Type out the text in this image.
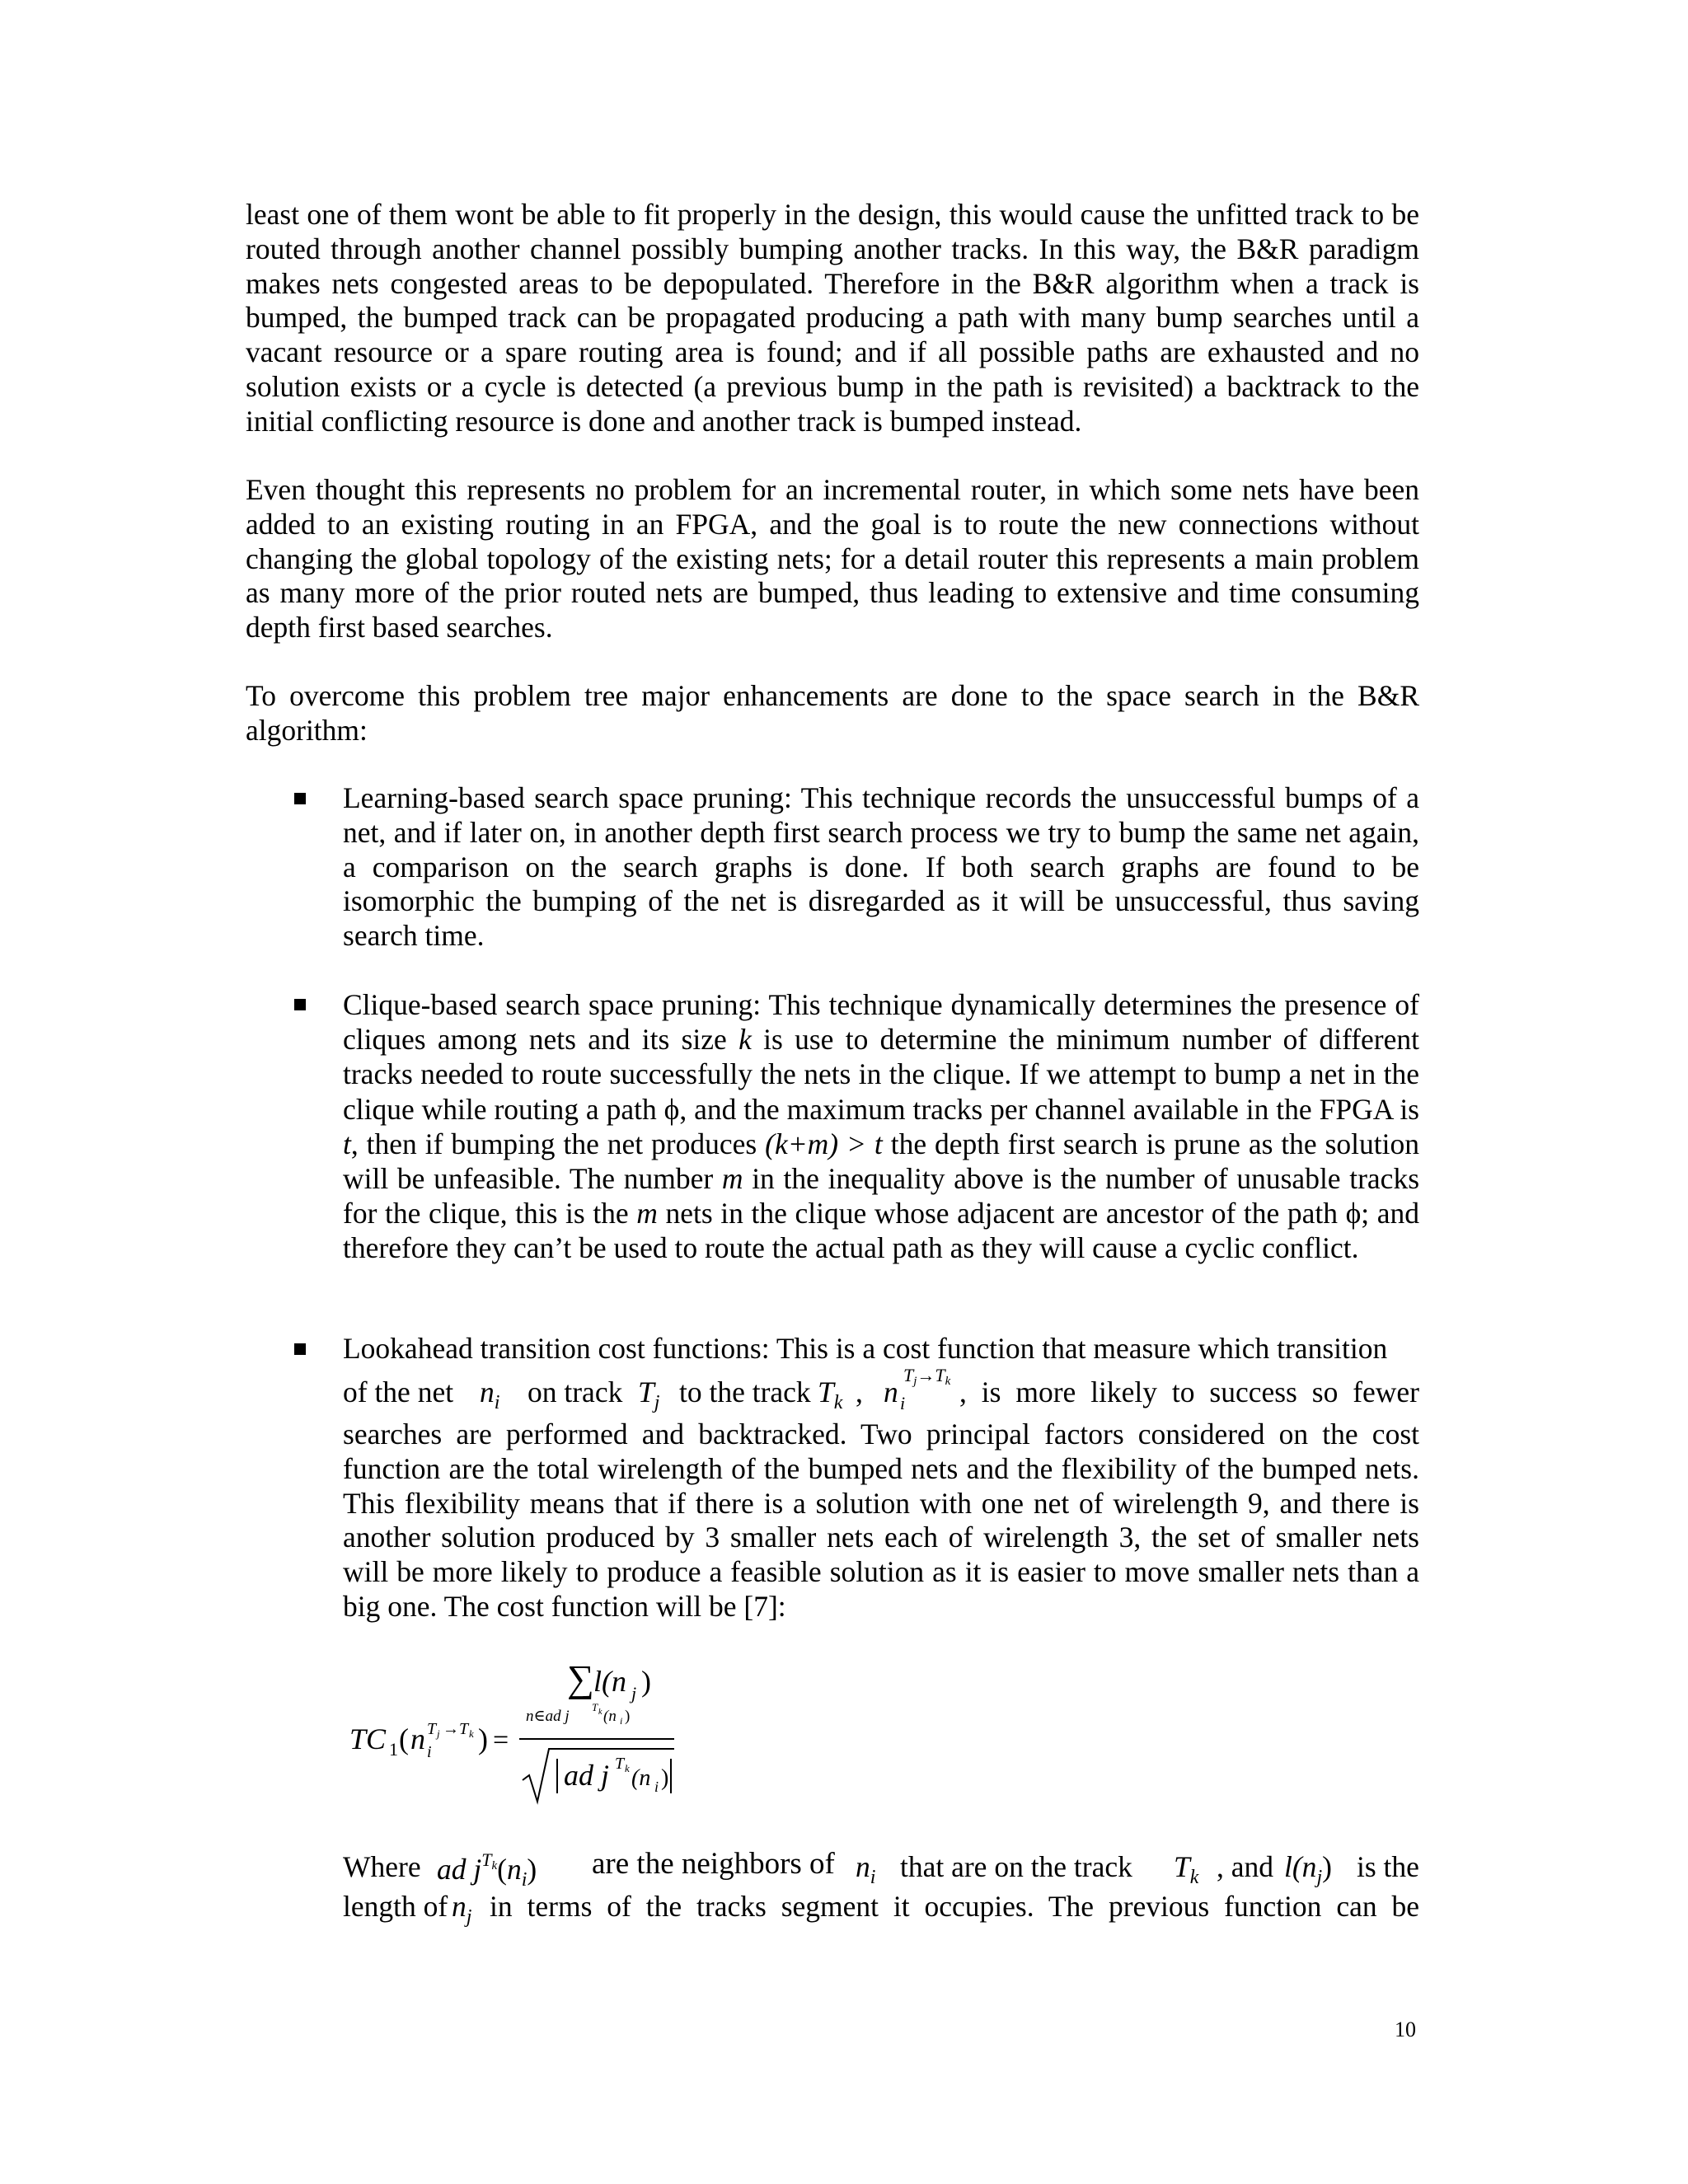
least one of them wont be able to fit properly in the design, this would cause the unfitted track to be routed through another channel possibly bumping another tracks. In this way, the B&R paradigm makes nets congested areas to be depopulated. Therefore in the B&R algorithm when a track is bumped, the bumped track can be propagated producing a path with many bump searches until a vacant resource or a spare routing area is found; and if all possible paths are exhausted and no solution exists or a cycle is detected (a previous bump in the path is revisited) a backtrack to the initial conflicting resource is done and another track is bumped instead.

Even thought this represents no problem for an incremental router, in which some nets have been added to an existing routing in an FPGA, and the goal is to route the new connections without changing the global topology of the existing nets; for a detail router this represents a main problem as many more of the prior routed nets are bumped, thus leading to extensive and time consuming depth first based searches.

To overcome this problem tree major enhancements are done to the space search in the B&R algorithm:

Learning-based search space pruning: This technique records the unsuccessful bumps of a net, and if later on, in another depth first search process we try to bump the same net again, a comparison on the search graphs is done. If both search graphs are found to be isomorphic the bumping of the net is disregarded as it will be unsuccessful, thus saving search time.

Clique-based search space pruning: This technique dynamically determines the presence of cliques among nets and its size k is use to determine the minimum number of different tracks needed to route successfully the nets in the clique. If we attempt to bump a net in the clique while routing a path ϕ, and the maximum tracks per channel available in the FPGA is t, then if bumping the net produces (k+m) > t the depth first search is prune as the solution will be unfeasible. The number m in the inequality above is the number of unusable tracks for the clique, this is the m nets in the clique whose adjacent are ancestor of the path ϕ; and therefore they can’t be used to route the actual path as they will cause a cyclic conflict.

Lookahead transition cost functions: This is a cost function that measure which transition

of the net $n_i$ on track $T_j$ to the track $T_k$ , n i
Tj→Tk , is more likely to success so fewer

searches are performed and backtracked. Two principal factors considered on the cost function are the total wirelength of the bumped nets and the flexibility of the bumped nets. This flexibility means that if there is a solution with one net of wirelength 9, and there is another solution produced by 3 smaller nets each of wirelength 3, the set of smaller nets will be more likely to produce a feasible solution as it is easier to move smaller nets than a big one. The cost function will be [7]:

TC 1 ( n i
T j → T k ) =
∑ l(n j )
n∈ad j
T k (n i )
ad j T k (n i )
Where ad $j^{Tk}(n_i)$ are the neighbors of $n_i$ that are on the track $T_k$ , and $l(n_j)$ is the
length of $n_j$ in terms of the tracks segment it occupies. The previous function can be
10
